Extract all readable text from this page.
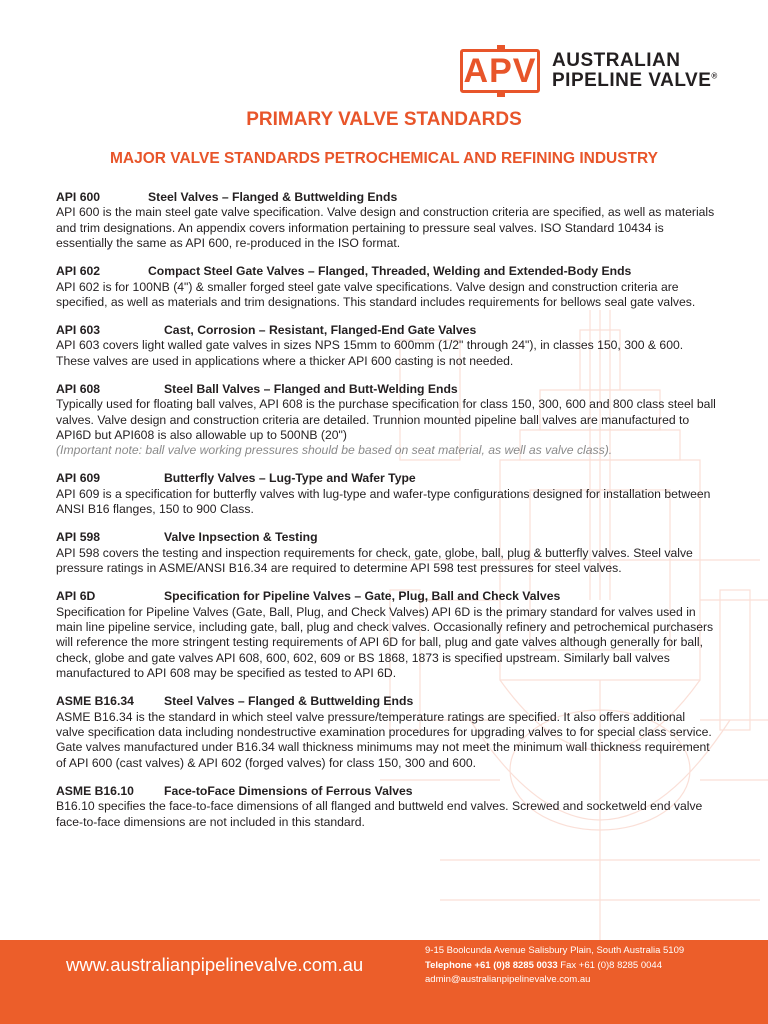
APV AUSTRALIAN
PIPELINE VALVE®
PRIMARY VALVE STANDARDS
MAJOR VALVE STANDARDS PETROCHEMICAL AND REFINING INDUSTRY
API 600	Steel Valves – Flanged & Buttwelding Ends
API 600 is the main steel gate valve specification. Valve design and construction criteria are specified, as well as materials and trim designations. An appendix covers information pertaining to pressure seal valves. ISO Standard 10434 is essentially the same as API 600, re-produced in the ISO format.
API 602	Compact Steel Gate Valves – Flanged, Threaded, Welding and Extended-Body Ends
API 602 is for 100NB (4") & smaller forged steel gate valve specifications. Valve design and construction criteria are specified, as well as materials and trim designations. This standard includes requirements for bellows seal gate valves.
API 603	Cast, Corrosion – Resistant, Flanged-End Gate Valves
API 603 covers light walled gate valves in sizes NPS 15mm to 600mm (1/2" through 24"), in classes 150, 300 & 600. These valves are used in applications where a thicker API 600 casting is not needed.
API 608	Steel Ball Valves – Flanged and Butt-Welding Ends
Typically used for floating ball valves, API 608 is the purchase specification for class 150, 300, 600 and 800 class steel ball valves. Valve design and construction criteria are detailed. Trunnion mounted pipeline ball valves are manufactured to API6D but API608 is also allowable up to 500NB (20")
(Important note: ball valve working pressures should be based on seat material, as well as valve class).
API 609	Butterfly Valves – Lug-Type and Wafer Type
API 609 is a specification for butterfly valves with lug-type and wafer-type configurations designed for installation between ANSI B16 flanges, 150 to 900 Class.
API 598	Valve Inpsection & Testing
API 598 covers the testing and inspection requirements for check, gate, globe, ball, plug & butterfly valves. Steel valve pressure ratings in ASME/ANSI B16.34 are required to determine API 598 test pressures for steel valves.
API 6D	Specification for Pipeline Valves – Gate, Plug, Ball and Check Valves
Specification for Pipeline Valves (Gate, Ball, Plug, and Check Valves) API 6D is the primary standard for valves used in main line pipeline service, including gate, ball, plug and check valves. Occasionally refinery and petrochemical purchasers will reference the more stringent testing requirements of API 6D for ball, plug and gate valves although generally for ball, check, globe and gate valves API 608, 600, 602, 609 or BS 1868, 1873 is specified upstream. Similarly ball valves manufactured to API 608 may be specified as tested to API 6D.
ASME B16.34	Steel Valves – Flanged & Buttwelding Ends
ASME B16.34 is the standard in which steel valve pressure/temperature ratings are specified. It also offers additional valve specification data including nondestructive examination procedures for upgrading valves to for special class service. Gate valves manufactured under B16.34 wall thickness minimums may not meet the minimum wall thickness requirement of API 600 (cast valves) & API 602 (forged valves) for class 150, 300 and 600.
ASME B16.10	Face-toFace Dimensions of Ferrous Valves
B16.10 specifies the face-to-face dimensions of all flanged and buttweld end valves. Screwed and socketweld end valve face-to-face dimensions are not included in this standard.
www.australianpipelinevalve.com.au
9-15 Boolcunda Avenue Salisbury Plain, South Australia 5109
Telephone +61 (0)8 8285 0033 Fax +61 (0)8 8285 0044
admin@australianpipelinevalve.com.au
